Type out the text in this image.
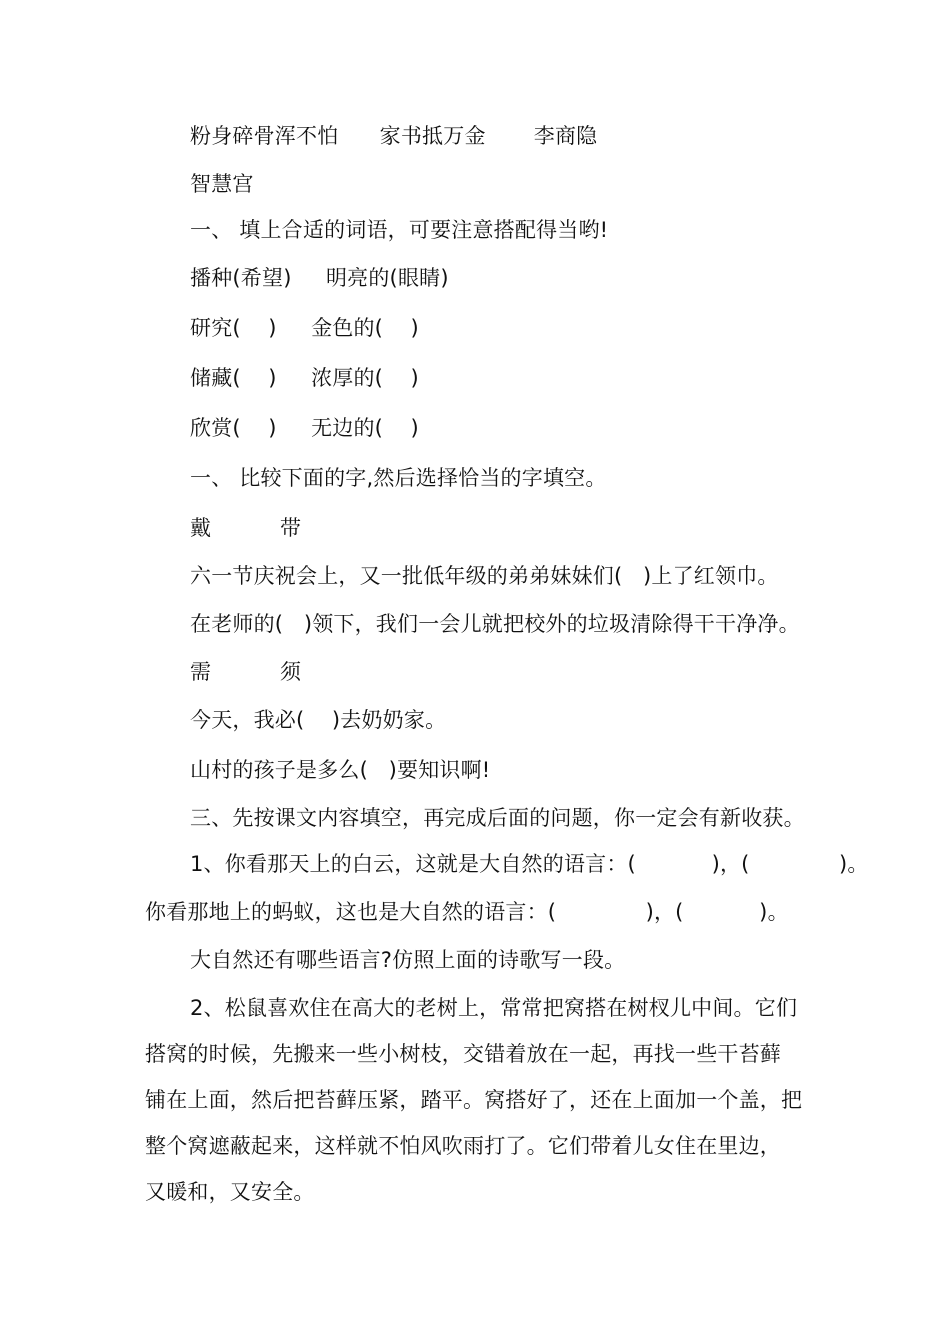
粉身碎骨浑不怕      家书抵万金       李商隐
智慧宫
一、 填上合适的词语，可要注意搭配得当哟!
播种(希望)     明亮的(眼睛)
研究(    )     金色的(    )
储藏(    )     浓厚的(    )
欣赏(    )     无边的(    )
一、 比较下面的字,然后选择恰当的字填空。
戴          带
六一节庆祝会上，又一批低年级的弟弟妹妹们(   )上了红领巾。
在老师的(   )领下，我们一会儿就把校外的垃圾清除得干干净净。
需          须
今天，我必(    )去奶奶家。
山村的孩子是多么(   )要知识啊!
三、先按课文内容填空，再完成后面的问题，你一定会有新收获。
1、你看那天上的白云，这就是大自然的语言：(           )，(             )。
你看那地上的蚂蚁，这也是大自然的语言：(             )，(           )。
大自然还有哪些语言?仿照上面的诗歌写一段。
2、松鼠喜欢住在高大的老树上，常常把窝搭在树杈儿中间。它们
搭窝的时候，先搬来一些小树枝，交错着放在一起，再找一些干苔藓
铺在上面，然后把苔藓压紧，踏平。窝搭好了，还在上面加一个盖，把
整个窝遮蔽起来，这样就不怕风吹雨打了。它们带着儿女住在里边，
又暖和，又安全。
